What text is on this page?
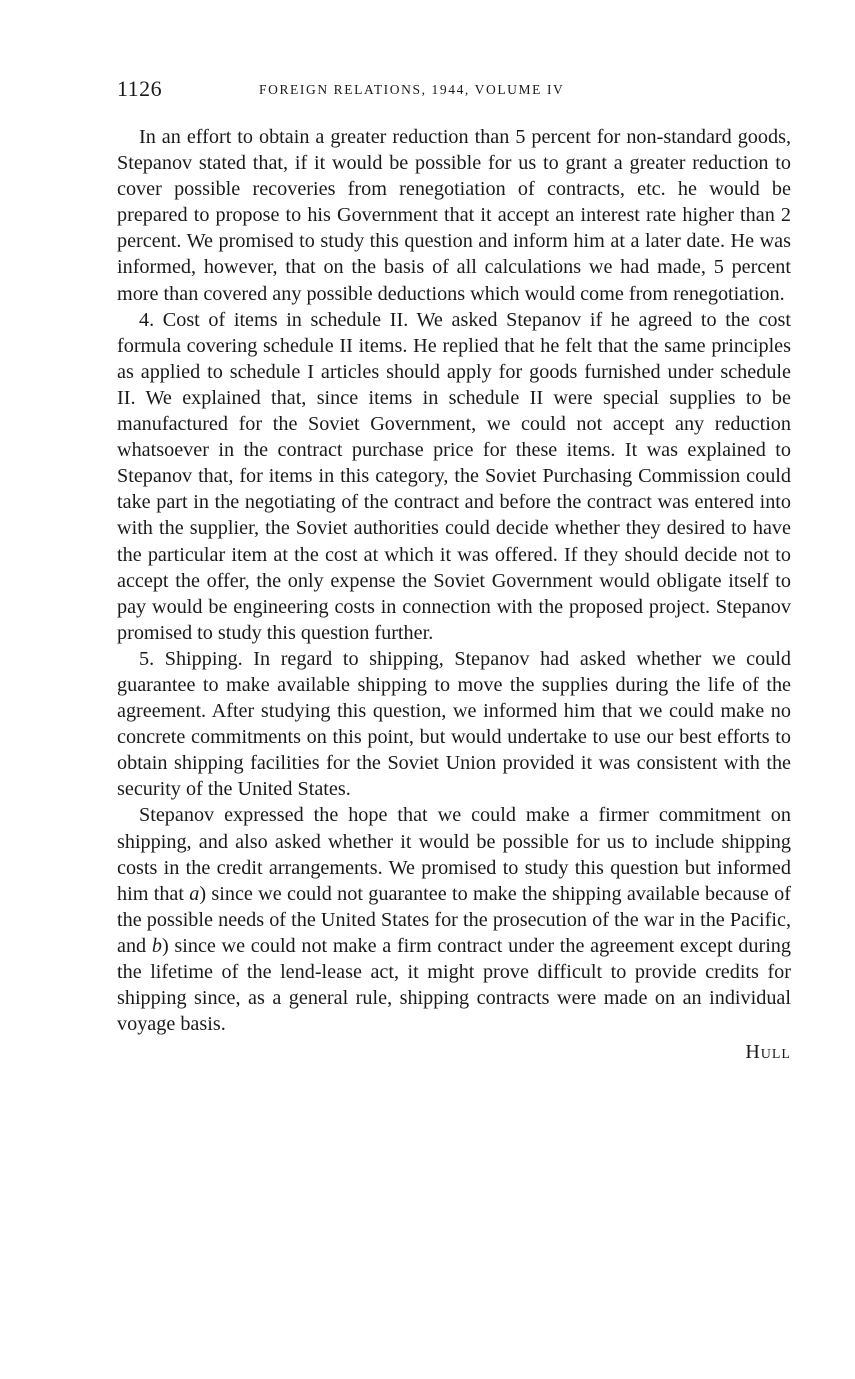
1126	FOREIGN RELATIONS, 1944, VOLUME IV

In an effort to obtain a greater reduction than 5 percent for non-standard goods, Stepanov stated that, if it would be possible for us to grant a greater reduction to cover possible recoveries from renegotiation of contracts, etc. he would be prepared to propose to his Government that it accept an interest rate higher than 2 percent. We promised to study this question and inform him at a later date. He was informed, however, that on the basis of all calculations we had made, 5 percent more than covered any possible deductions which would come from renegotiation.

4. Cost of items in schedule II. We asked Stepanov if he agreed to the cost formula covering schedule II items. He replied that he felt that the same principles as applied to schedule I articles should apply for goods furnished under schedule II. We explained that, since items in schedule II were special supplies to be manufactured for the Soviet Government, we could not accept any reduction whatsoever in the contract purchase price for these items. It was explained to Stepanov that, for items in this category, the Soviet Purchasing Commission could take part in the negotiating of the contract and before the contract was entered into with the supplier, the Soviet authorities could decide whether they desired to have the particular item at the cost at which it was offered. If they should decide not to accept the offer, the only expense the Soviet Government would obligate itself to pay would be engineering costs in connection with the proposed project. Stepanov promised to study this question further.

5. Shipping. In regard to shipping, Stepanov had asked whether we could guarantee to make available shipping to move the supplies during the life of the agreement. After studying this question, we informed him that we could make no concrete commitments on this point, but would undertake to use our best efforts to obtain shipping facilities for the Soviet Union provided it was consistent with the security of the United States.

Stepanov expressed the hope that we could make a firmer commitment on shipping, and also asked whether it would be possible for us to include shipping costs in the credit arrangements. We promised to study this question but informed him that a) since we could not guarantee to make the shipping available because of the possible needs of the United States for the prosecution of the war in the Pacific, and b) since we could not make a firm contract under the agreement except during the lifetime of the lend-lease act, it might prove difficult to provide credits for shipping since, as a general rule, shipping contracts were made on an individual voyage basis.

Hull
